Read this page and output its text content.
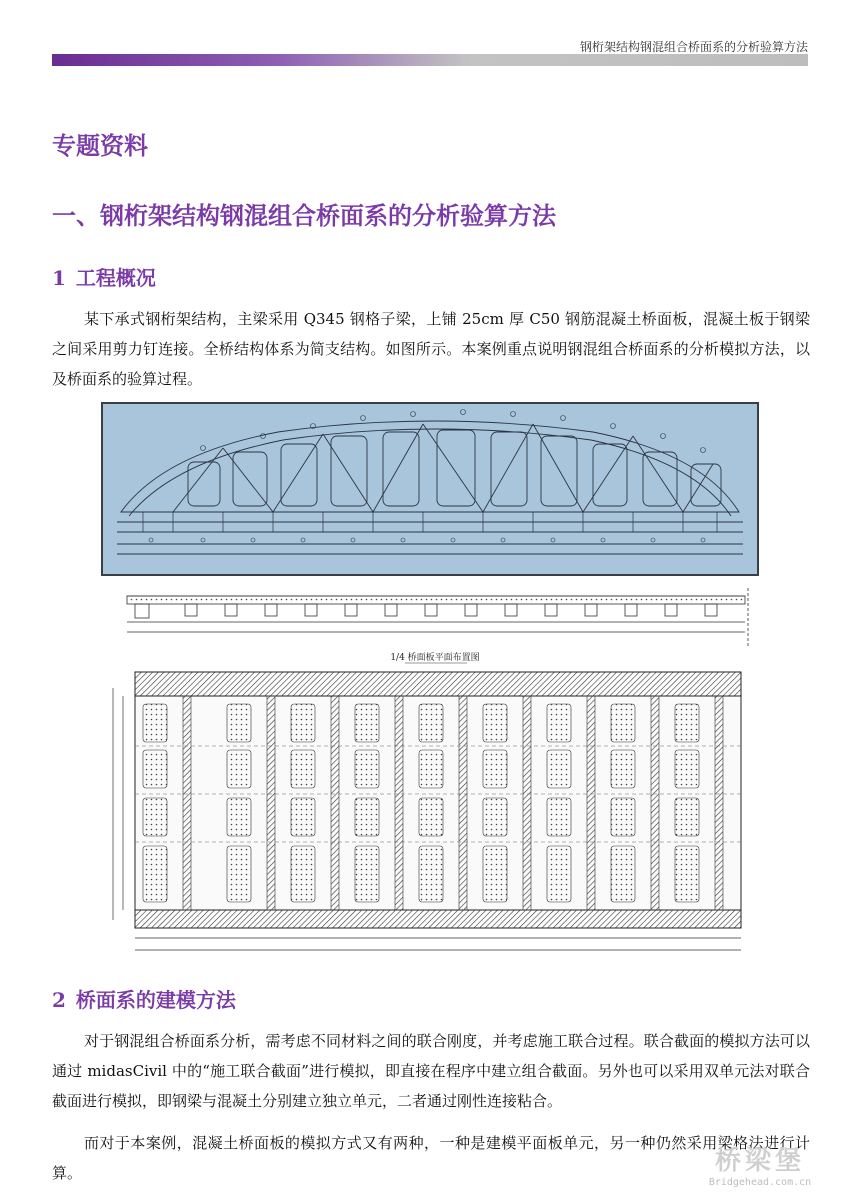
钢桁架结构钢混组合桥面系的分析验算方法
专题资料
一、钢桁架结构钢混组合桥面系的分析验算方法
1 工程概况

某下承式钢桁架结构，主梁采用 Q345 钢格子梁，上铺 25cm 厚 C50 钢筋混凝土桥面板，混凝土板于钢梁之间采用剪力钉连接。全桥结构体系为简支结构。如图所示。本案例重点说明钢混组合桥面系的分析模拟方法，以及桥面系的验算过程。

1/4 桥面板平面布置图
2 桥面系的建模方法

对于钢混组合桥面系分析，需考虑不同材料之间的联合刚度，并考虑施工联合过程。联合截面的模拟方法可以通过 midasCivil 中的“施工联合截面”进行模拟，即直接在程序中建立组合截面。另外也可以采用双单元法对联合截面进行模拟，即钢梁与混凝土分别建立独立单元，二者通过刚性连接粘合。

而对于本案例，混凝土桥面板的模拟方式又有两种，一种是建模平面板单元，另一种仍然采用梁格法进行计算。	桥梁堡
Bridgehead.com.cn
